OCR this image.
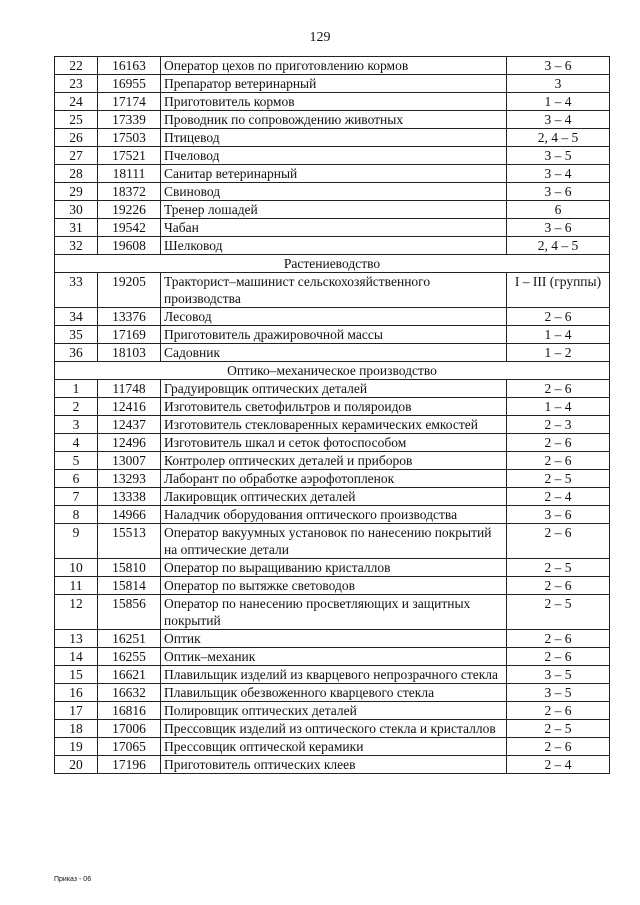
129
22	16163	Оператор цехов по приготовлению кормов	3 – 6
23	16955	Препаратор ветеринарный	3
24	17174	Приготовитель кормов	1 – 4
25	17339	Проводник по сопровождению животных	3 – 4
26	17503	Птицевод	2, 4 – 5
27	17521	Пчеловод	3 – 5
28	18111	Санитар ветеринарный	3 – 4
29	18372	Свиновод	3 – 6
30	19226	Тренер лошадей	6
31	19542	Чабан	3 – 6
32	19608	Шелковод	2, 4 – 5
Растениеводство			
33	19205	Тракторист–машинист сельскохозяйственного производства	I – III (группы)
34	13376	Лесовод	2 – 6
35	17169	Приготовитель дражировочной массы	1 – 4
36	18103	Садовник	1 – 2
Оптико–механическое производство			
1	11748	Градуировщик оптических деталей	2 – 6
2	12416	Изготовитель светофильтров и поляроидов	1 – 4
3	12437	Изготовитель стекловаренных керамических емкостей	2 – 3
4	12496	Изготовитель шкал и сеток фотоспособом	2 – 6
5	13007	Контролер оптических деталей и приборов	2 – 6
6	13293	Лаборант по обработке аэрофотопленок	2 – 5
7	13338	Лакировщик оптических деталей	2 – 4
8	14966	Наладчик оборудования оптического производства	3 – 6
9	15513	Оператор вакуумных установок по нанесению покрытий на оптические детали	2 – 6
10	15810	Оператор по выращиванию кристаллов	2 – 5
11	15814	Оператор по вытяжке световодов	2 – 6
12	15856	Оператор по нанесению просветляющих и защитных покрытий	2 – 5
13	16251	Оптик	2 – 6
14	16255	Оптик–механик	2 – 6
15	16621	Плавильщик изделий из кварцевого непрозрачного стекла	3 – 5
16	16632	Плавильщик обезвоженного кварцевого стекла	3 – 5
17	16816	Полировщик оптических деталей	2 – 6
18	17006	Прессовщик изделий из оптического стекла и кристаллов	2 – 5
19	17065	Прессовщик оптической керамики	2 – 6
20	17196	Приготовитель оптических клеев	2 – 4
Приказ - 06
